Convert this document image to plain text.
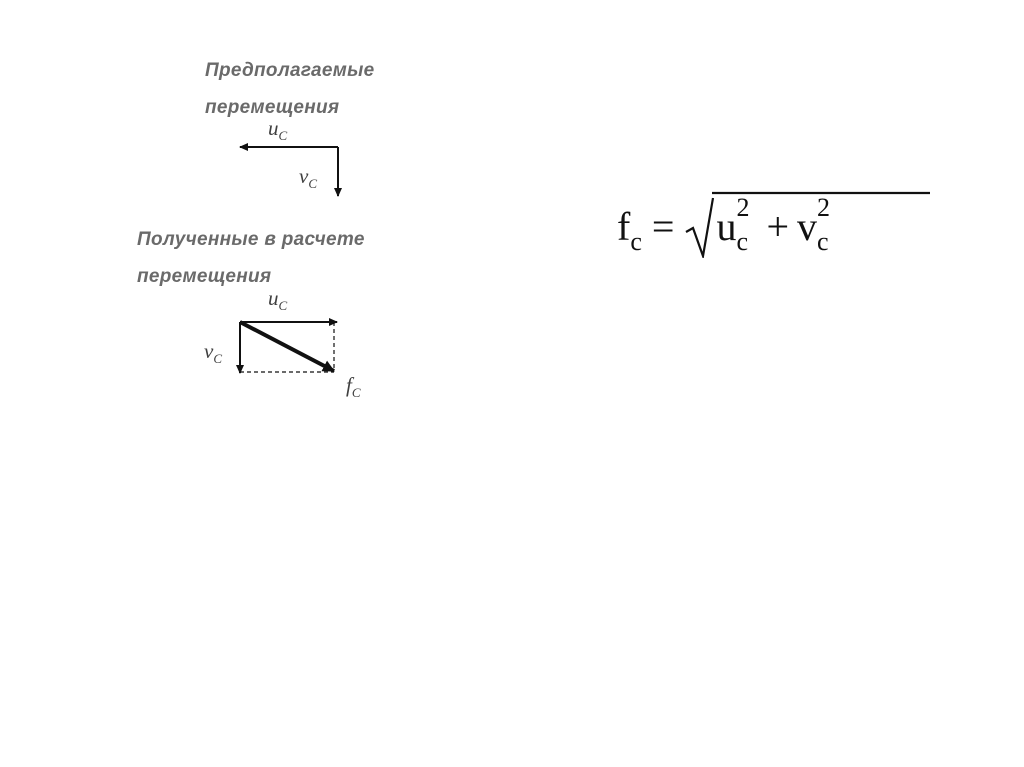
Предполагаемые
перемещения
Полученные в расчете
перемещения
$u_C$
$v_C$
$u_C$
$v_C$
$f_C$
$f_c = u$ 2
c + v 2
c
